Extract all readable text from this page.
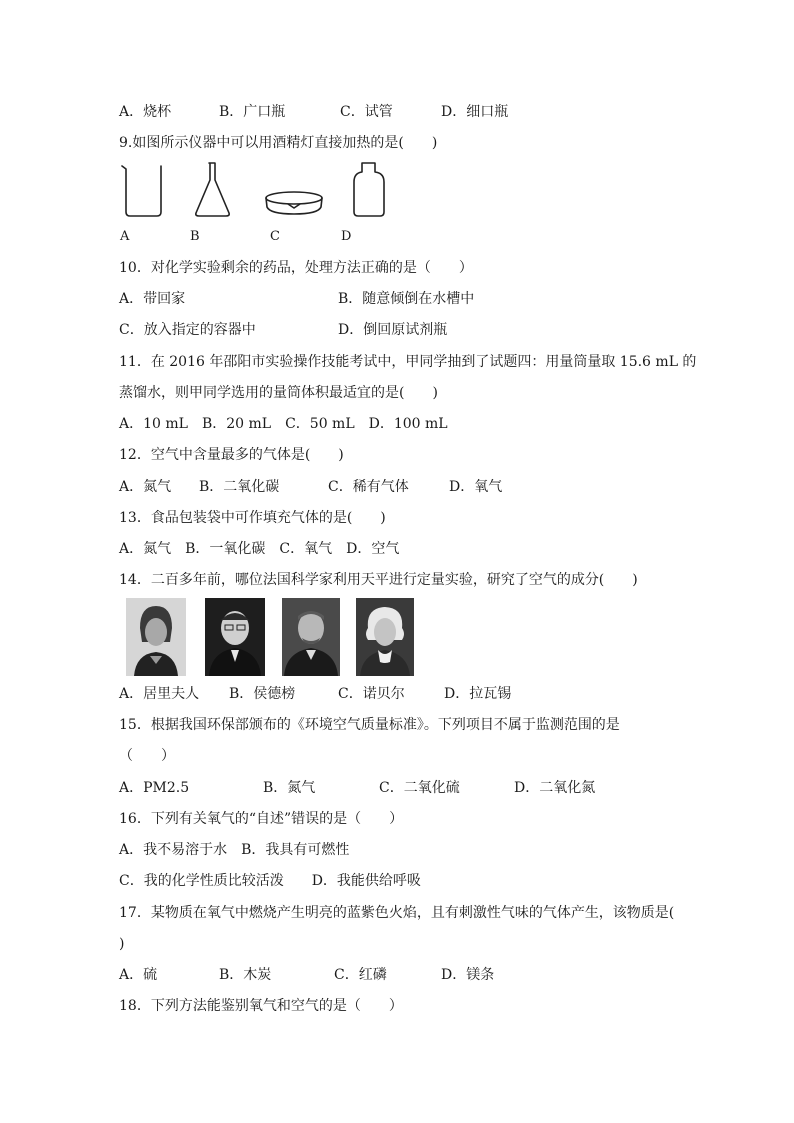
A．烧杯	B．广口瓶	C．试管	D．细口瓶
9.如图所示仪器中可以用酒精灯直接加热的是(　　)
A	B	C	D
10．对化学实验剩余的药品，处理方法正确的是（　　）
A．带回家	B．随意倾倒在水槽中
C．放入指定的容器中	D．倒回原试剂瓶
11．在 2016 年邵阳市实验操作技能考试中，甲同学抽到了试题四：用量筒量取 15.6 mL 的
蒸馏水，则甲同学选用的量筒体积最适宜的是(　　)
A．10 mL　B．20 mL　C．50 mL　D．100 mL
12．空气中含量最多的气体是(　　)
A．氮气 B．二氧化碳	C．稀有气体	D．氧气
13．食品包装袋中可作填充气体的是(　　)
A．氮气　B．一氧化碳　C．氧气　D．空气
14．二百多年前，哪位法国科学家利用天平进行定量实验，研究了空气的成分(　　)
A．居里夫人 B．侯德榜	C．诺贝尔	D．拉瓦锡
15．根据我国环保部颁布的《环境空气质量标准》。下列项目不属于监测范围的是
（　　）
A．PM2.5	B．氮气	C．二氧化硫	D．二氧化氮
16．下列有关氧气的“自述”错误的是（　　）
A．我不易溶于水　B．我具有可燃性
C．我的化学性质比较活泼　　D．我能供给呼吸
17．某物质在氧气中燃烧产生明亮的蓝紫色火焰，且有刺激性气味的气体产生，该物质是(
)
A．硫	B．木炭	C．红磷	D．镁条
18．下列方法能鉴别氧气和空气的是（　　）
